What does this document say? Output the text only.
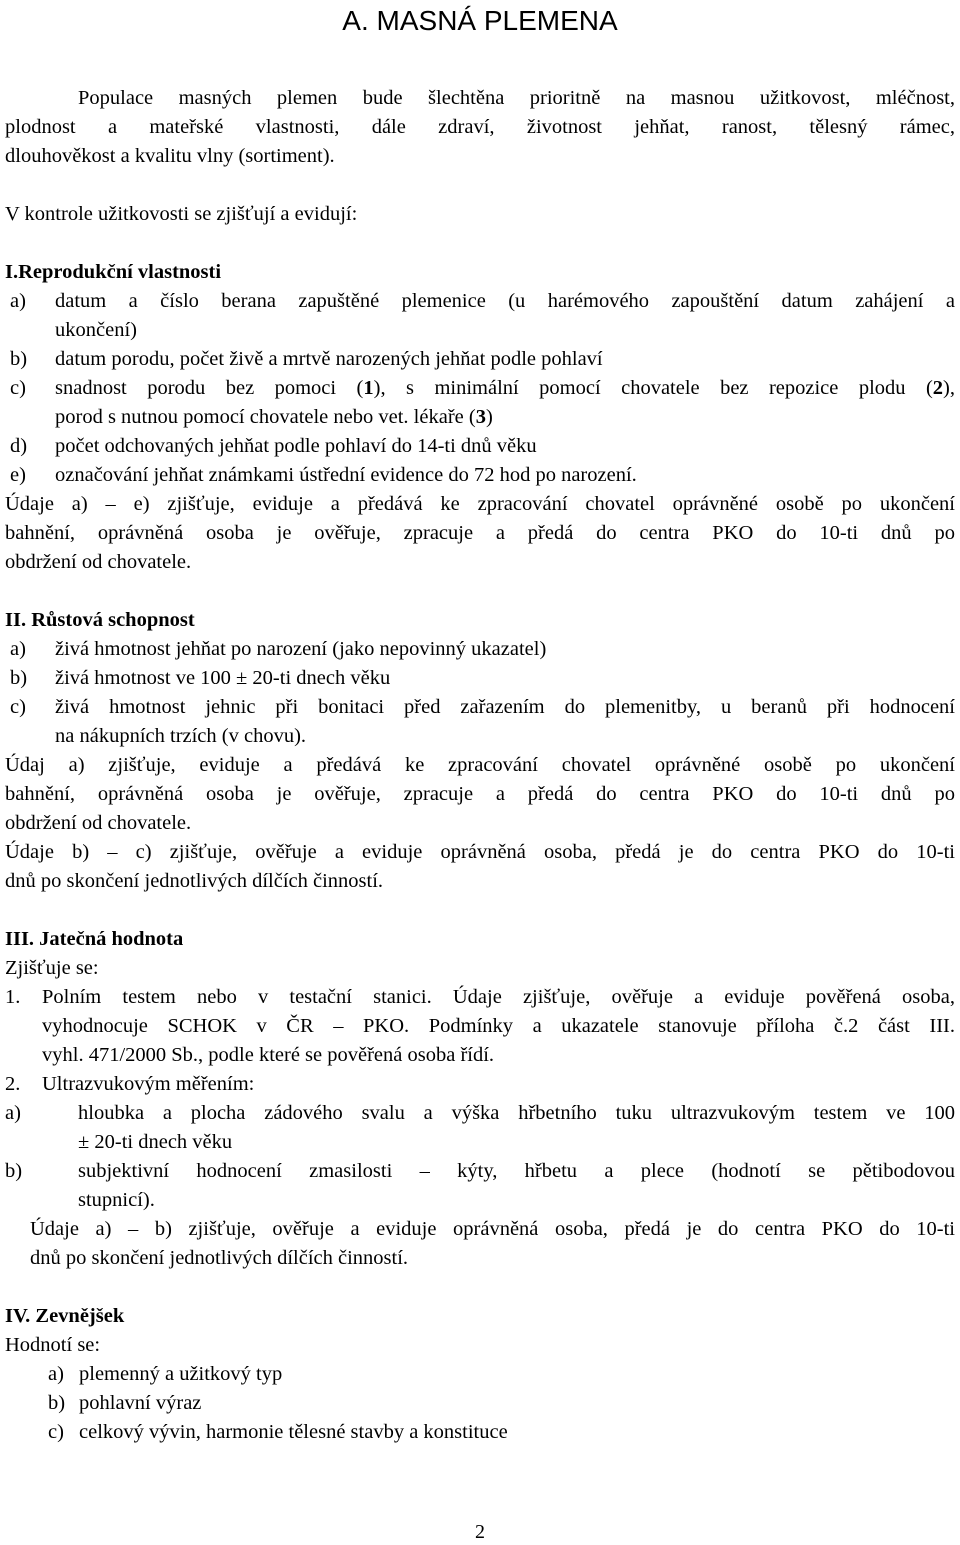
A. MASNÁ PLEMENA
Populace masných plemen bude šlechtěna prioritně na masnou užitkovost, mléčnost,
plodnost a mateřské vlastnosti, dále zdraví, životnost jehňat, ranost, tělesný rámec,
dlouhověkost a kvalitu vlny (sortiment).
V kontrole užitkovosti se zjišťují a evidují:
I.Reprodukční vlastnosti
a) datum a číslo berana zapuštěné plemenice (u harémového zapouštění datum zahájení a
ukončení)
b) datum porodu, počet živě a mrtvě narozených jehňat podle pohlaví
c) snadnost porodu bez pomoci (1), s minimální pomocí chovatele bez repozice plodu (2),
porod s nutnou pomocí chovatele nebo vet. lékaře (3)
d) počet odchovaných jehňat podle pohlaví do 14-ti dnů věku
e) označování jehňat známkami ústřední evidence do 72 hod po narození.
Údaje a) – e) zjišťuje, eviduje a předává ke zpracování chovatel oprávněné osobě po ukončení
bahnění, oprávněná osoba je ověřuje, zpracuje a předá do centra PKO do 10-ti dnů po
obdržení od chovatele.
II. Růstová schopnost
a) živá hmotnost jehňat po narození (jako nepovinný ukazatel)
b) živá hmotnost ve 100 ± 20-ti dnech věku
c) živá hmotnost jehnic při bonitaci před zařazením do plemenitby, u beranů při hodnocení
na nákupních trzích (v chovu).
Údaj a) zjišťuje, eviduje a předává ke zpracování chovatel oprávněné osobě po ukončení
bahnění, oprávněná osoba je ověřuje, zpracuje a předá do centra PKO do 10-ti dnů po
obdržení od chovatele.
Údaje b) – c) zjišťuje, ověřuje a eviduje oprávněná osoba, předá je do centra PKO do 10-ti
dnů po skončení jednotlivých dílčích činností.
III. Jatečná hodnota
Zjišťuje se:
1. Polním testem nebo v testační stanici. Údaje zjišťuje, ověřuje a eviduje pověřená osoba,
vyhodnocuje SCHOK v ČR – PKO. Podmínky a ukazatele stanovuje příloha č.2 část III.
vyhl. 471/2000 Sb., podle které se pověřená osoba řídí.
2. Ultrazvukovým měřením:
a)	hloubka a plocha zádového svalu a výška hřbetního tuku ultrazvukovým testem ve 100
± 20-ti dnech věku
b)	subjektivní hodnocení zmasilosti – kýty, hřbetu a plece (hodnotí se pětibodovou
stupnicí).
Údaje a) – b) zjišťuje, ověřuje a eviduje oprávněná osoba, předá je do centra PKO do 10-ti
dnů po skončení jednotlivých dílčích činností.
IV. Zevnějšek
Hodnotí se:
a) plemenný a užitkový typ
b) pohlavní výraz
c) celkový vývin, harmonie tělesné stavby a konstituce
2
